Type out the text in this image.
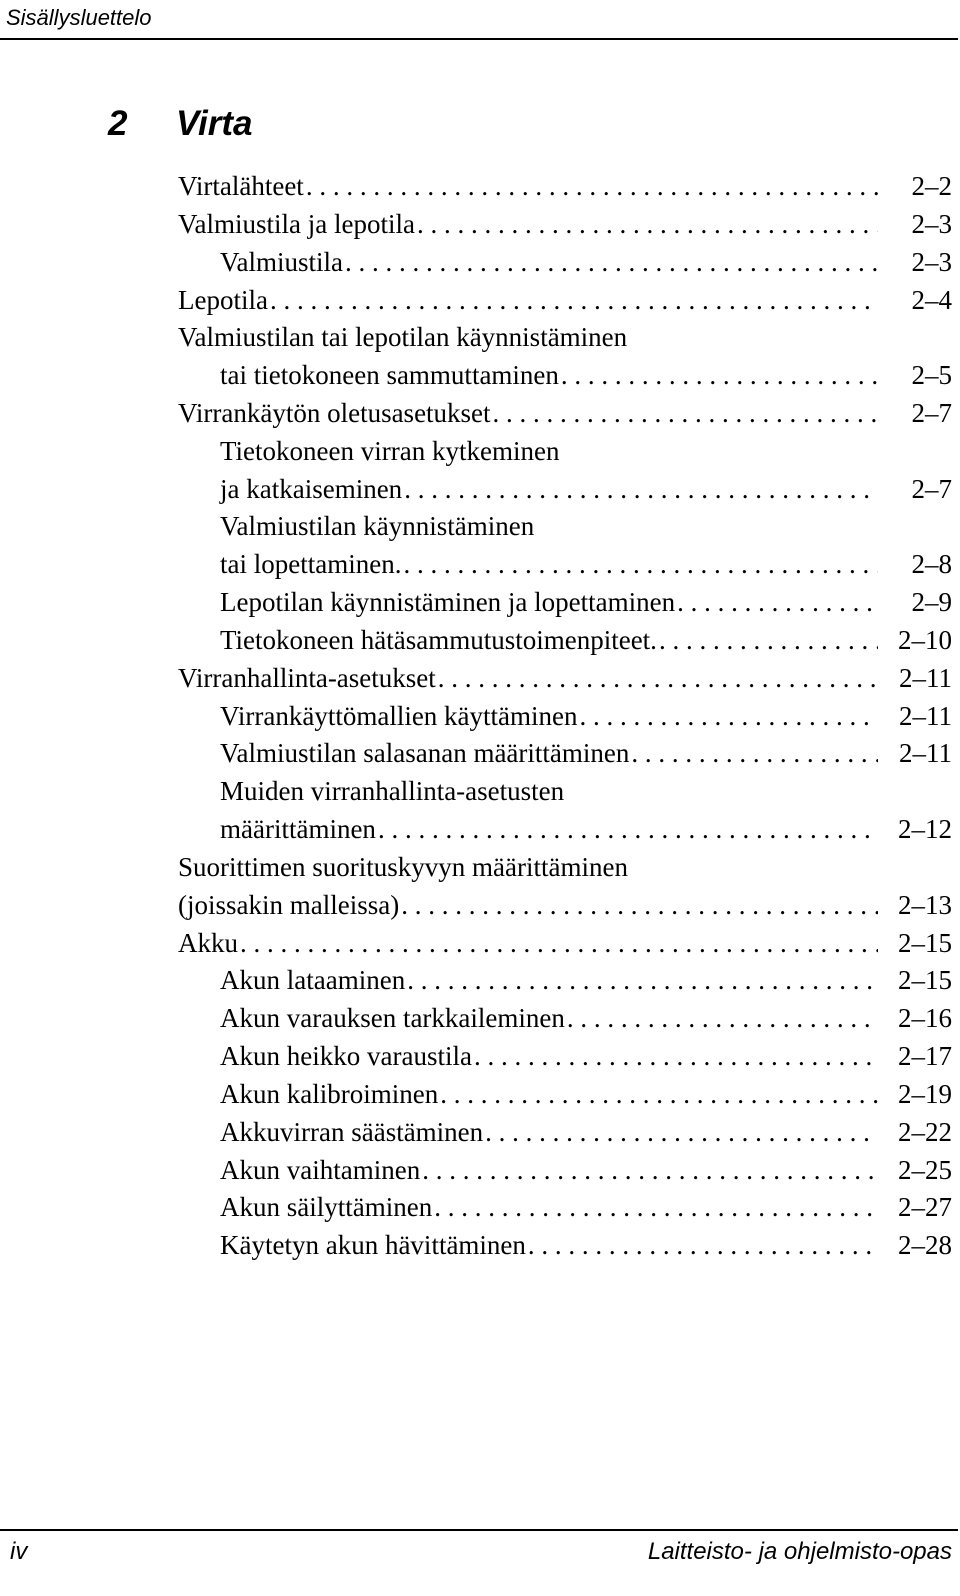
Sisällysluettelo
2 Virta
Virtalähteet . . .	2–2
Valmiustila ja lepotila . . .	2–3
Valmiustila . . .	2–3
Lepotila . . .	2–4
Valmiustilan tai lepotilan käynnistäminen
tai tietokoneen sammuttaminen . . .	2–5
Virrankäytön oletusasetukset . . .	2–7
Tietokoneen virran kytkeminen
ja katkaiseminen . . .	2–7
Valmiustilan käynnistäminen
tai lopettaminen. . . .	2–8
Lepotilan käynnistäminen ja lopettaminen . . .	2–9
Tietokoneen hätäsammutustoimenpiteet. . . .	2–10
Virranhallinta-asetukset . . .	2–11
Virrankäyttömallien käyttäminen . . .	2–11
Valmiustilan salasanan määrittäminen . . .	2–11
Muiden virranhallinta-asetusten
määrittäminen . . .	2–12
Suorittimen suorituskyvyn määrittäminen
(joissakin malleissa) . . .	2–13
Akku . . .	2–15
Akun lataaminen . . .	2–15
Akun varauksen tarkkaileminen . . .	2–16
Akun heikko varaustila . . .	2–17
Akun kalibroiminen . . .	2–19
Akkuvirran säästäminen . . .	2–22
Akun vaihtaminen . . .	2–25
Akun säilyttäminen . . .	2–27
Käytetyn akun hävittäminen . . .	2–28
iv	Laitteisto- ja ohjelmisto-opas
